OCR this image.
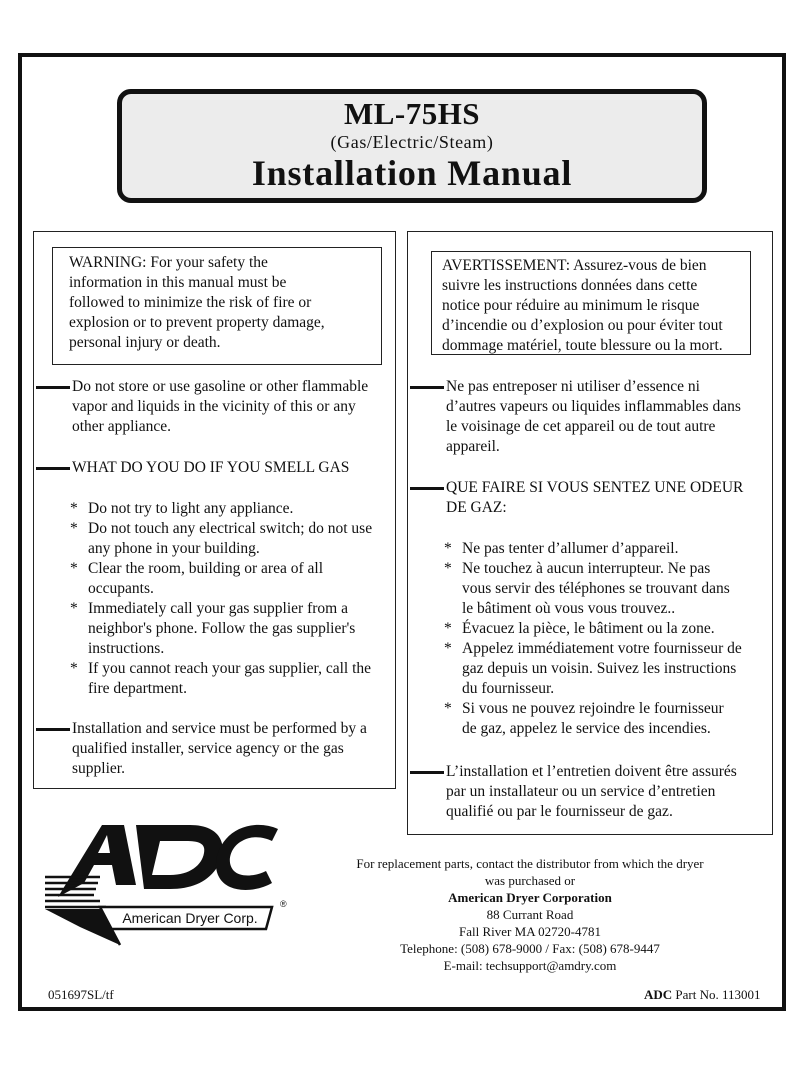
ML-75HS
(Gas/Electric/Steam)
Installation Manual
WARNING: For your safety the
information in this manual must be
followed to minimize the risk of fire or
explosion or to prevent property damage,
personal injury or death.
Do not store or use gasoline or other flammable
vapor and liquids in the vicinity of this or any
other appliance.
WHAT DO YOU DO IF YOU SMELL GAS
* Do not try to light any appliance.
* Do not touch any electrical switch; do not use
any phone in your building.
* Clear the room, building or area of all
occupants.
* Immediately call your gas supplier from a
neighbor's phone. Follow the gas supplier's
instructions.
* If you cannot reach your gas supplier, call the
fire department.
Installation and service must be performed by a
qualified installer, service agency or the gas
supplier.
AVERTISSEMENT: Assurez-vous de bien
suivre les instructions données dans cette
notice pour réduire au minimum le risque
d’incendie ou d’explosion ou pour éviter tout
dommage matériel, toute blessure ou la mort.
Ne pas entreposer ni utiliser d’essence ni
d’autres vapeurs ou liquides inflammables dans
le voisinage de cet appareil ou de tout autre
appareil.
QUE FAIRE SI VOUS SENTEZ UNE ODEUR
DE GAZ:
* Ne pas tenter d’allumer d’appareil.
* Ne touchez à aucun interrupteur. Ne pas
vous servir des téléphones se trouvant dans
le bâtiment où vous vous trouvez..
* Évacuez la pièce, le bâtiment ou la zone.
* Appelez immédiatement votre fournisseur de
gaz depuis un voisin. Suivez les instructions
du fournisseur.
* Si vous ne pouvez rejoindre le fournisseur
de gaz, appelez le service des incendies.
L’installation et l’entretien doivent être assurés
par un installateur ou un service d’entretien
qualifié ou par le fournisseur de gaz.
American Dryer Corp.
®
For replacement parts, contact the distributor from which the dryer
was purchased or
American Dryer Corporation
88 Currant Road
Fall River MA 02720-4781
Telephone: (508) 678-9000 / Fax: (508) 678-9447
E-mail: techsupport@amdry.com
051697SL/tf	ADC Part No. 113001
